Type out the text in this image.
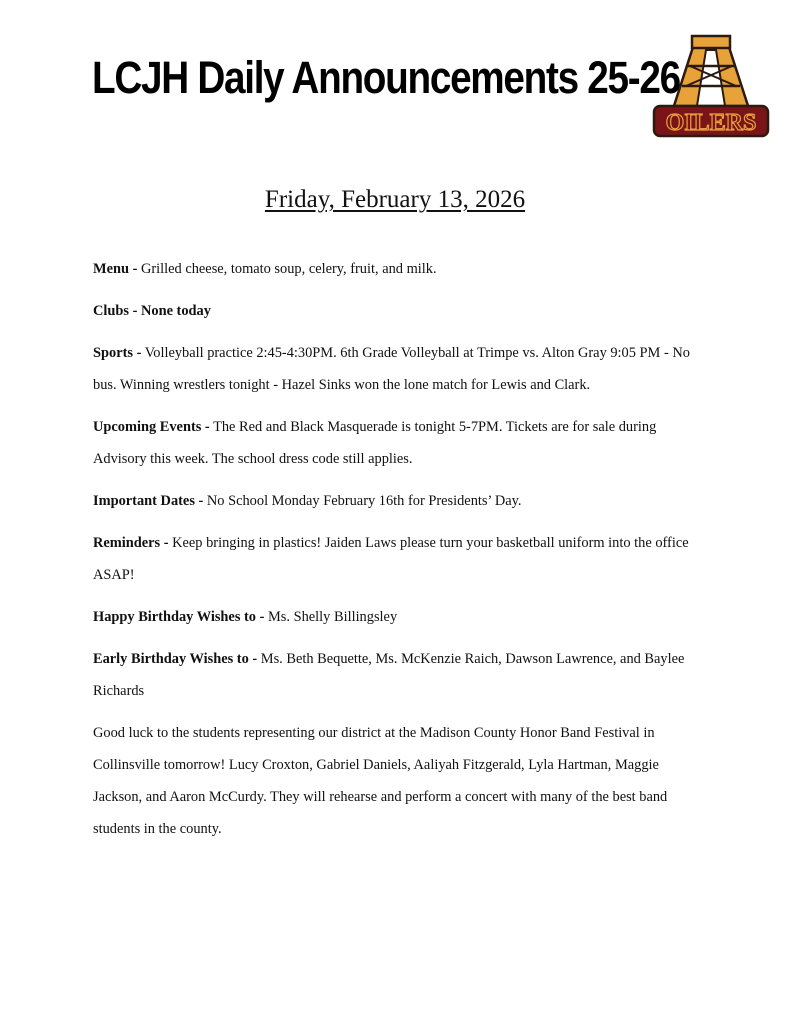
LCJH Daily Announcements 25-26
OILERS
Friday, February 13, 2026

Menu - Grilled cheese, tomato soup, celery, fruit, and milk.

Clubs - None today

Sports - Volleyball practice 2:45-4:30PM. 6th Grade Volleyball at Trimpe vs. Alton Gray 9:05 PM - No bus. Winning wrestlers tonight - Hazel Sinks won the lone match for Lewis and Clark.

Upcoming Events - The Red and Black Masquerade is tonight 5-7PM. Tickets are for sale during Advisory this week. The school dress code still applies.

Important Dates - No School Monday February 16th for Presidents’ Day.

Reminders - Keep bringing in plastics! Jaiden Laws please turn your basketball uniform into the office ASAP!

Happy Birthday Wishes to - Ms. Shelly Billingsley

Early Birthday Wishes to - Ms. Beth Bequette, Ms. McKenzie Raich, Dawson Lawrence, and Baylee Richards

Good luck to the students representing our district at the Madison County Honor Band Festival in Collinsville tomorrow! Lucy Croxton, Gabriel Daniels, Aaliyah Fitzgerald, Lyla Hartman, Maggie Jackson, and Aaron McCurdy. They will rehearse and perform a concert with many of the best band students in the county.
